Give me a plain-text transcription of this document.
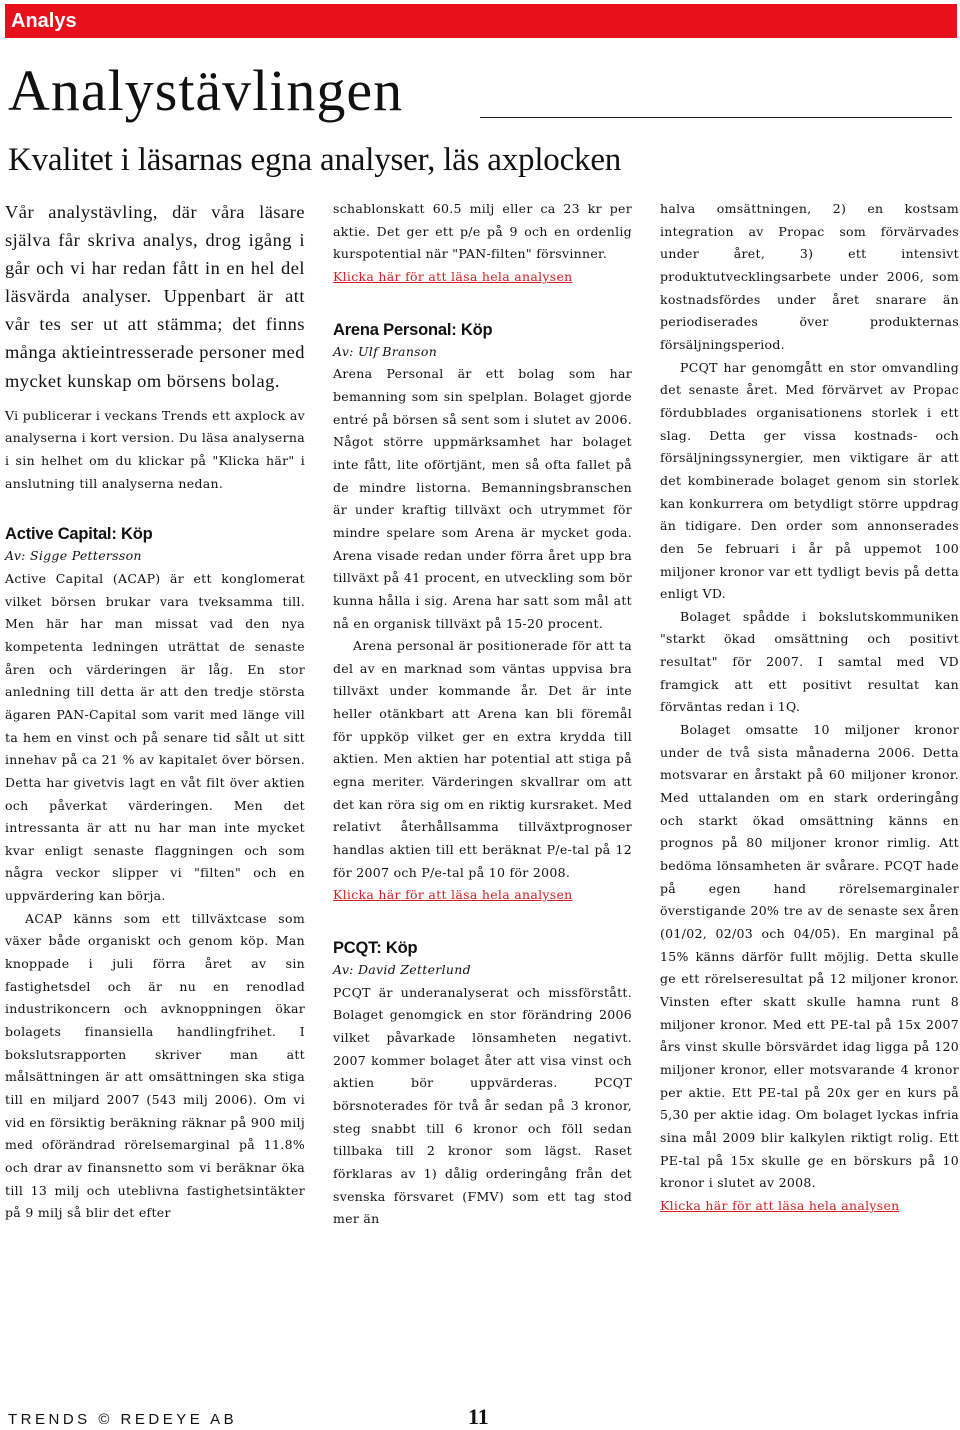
Analys
Analystävlingen
Kvalitet i läsarnas egna analyser, läs axplocken

Vår analystävling, där våra läsare själva får skriva analys, drog igång i går och vi har redan fått in en hel del läsvärda analyser. Uppenbart är att vår tes ser ut att stämma; det finns många aktieintresserade personer med mycket kunskap om börsens bolag.

Vi publicerar i veckans Trends ett axplock av analyserna i kort version. Du läsa analyserna i sin helhet om du klickar på "Klicka här" i anslutning till analyserna nedan.

Active Capital: Köp
Av: Sigge Pettersson

Active Capital (ACAP) är ett konglomerat vilket börsen brukar vara tveksamma till. Men här har man missat vad den nya kompetenta ledningen uträttat de senaste åren och värderingen är låg. En stor anledning till detta är att den tredje största ägaren PAN-Capital som varit med länge vill ta hem en vinst och på senare tid sålt ut sitt innehav på ca 21 % av kapitalet över börsen. Detta har givetvis lagt en våt filt över aktien och påverkat värderingen. Men det intressanta är att nu har man inte mycket kvar enligt senaste flaggningen och som några veckor slipper vi "filten" och en uppvärdering kan börja.

ACAP känns som ett tillväxtcase som växer både organiskt och genom köp. Man knoppade i juli förra året av sin fastighetsdel och är nu en renodlad industrikoncern och avknoppningen ökar bolagets finansiella handlingfrihet. I bokslutsrapporten skriver man att målsättningen är att omsättningen ska stiga till en miljard 2007 (543 milj 2006). Om vi vid en försiktig beräkning räknar på 900 milj med oförändrad rörelsemarginal på 11.8% och drar av finansnetto som vi beräknar öka till 13 milj och uteblivna fastighetsintäkter på 9 milj så blir det efter

schablonskatt 60.5 milj eller ca 23 kr per aktie. Det ger ett p/e på 9 och en ordenlig kurspotential när "PAN-filten" försvinner.

Klicka här för att läsa hela analysen
Arena Personal: Köp
Av: Ulf Branson

Arena Personal är ett bolag som har bemanning som sin spelplan. Bolaget gjorde entré på börsen så sent som i slutet av 2006. Något större uppmärksamhet har bolaget inte fått, lite oförtjänt, men så ofta fallet på de mindre listorna. Bemanningsbranschen är under kraftig tillväxt och utrymmet för mindre spelare som Arena är mycket goda. Arena visade redan under förra året upp bra tillväxt på 41 procent, en utveckling som bör kunna hålla i sig. Arena har satt som mål att nå en organisk tillväxt på 15-20 procent.

Arena personal är positionerade för att ta del av en marknad som väntas uppvisa bra tillväxt under kommande år. Det är inte heller otänkbart att Arena kan bli föremål för uppköp vilket ger en extra krydda till aktien. Men aktien har potential att stiga på egna meriter. Värderingen skvallrar om att det kan röra sig om en riktig kursraket. Med relativt återhållsamma tillväxtprognoser handlas aktien till ett beräknat P/e-tal på 12 för 2007 och P/e-tal på 10 för 2008.

Klicka här för att läsa hela analysen
PCQT: Köp
Av: David Zetterlund

PCQT är underanalyserat och missförstått. Bolaget genomgick en stor förändring 2006 vilket påvarkade lönsamheten negativt. 2007 kommer bolaget åter att visa vinst och aktien bör uppvärderas. PCQT börsnoterades för två år sedan på 3 kronor, steg snabbt till 6 kronor och föll sedan tillbaka till 2 kronor som lägst. Raset förklaras av 1) dålig orderingång från det svenska försvaret (FMV) som ett tag stod mer än

halva omsättningen, 2) en kostsam integration av Propac som förvärvades under året, 3) ett intensivt produktutvecklingsarbete under 2006, som kostnadsfördes under året snarare än periodiserades över produkternas försäljningsperiod.

PCQT har genomgått en stor omvandling det senaste året. Med förvärvet av Propac fördubblades organisationens storlek i ett slag. Detta ger vissa kostnads- och försäljningssynergier, men viktigare är att det kombinerade bolaget genom sin storlek kan konkurrera om betydligt större uppdrag än tidigare. Den order som annonserades den 5e februari i år på uppemot 100 miljoner kronor var ett tydligt bevis på detta enligt VD.

Bolaget spådde i bokslutskommuniken "starkt ökad omsättning och positivt resultat" för 2007. I samtal med VD framgick att ett positivt resultat kan förväntas redan i 1Q.

Bolaget omsatte 10 miljoner kronor under de två sista månaderna 2006. Detta motsvarar en årstakt på 60 miljoner kronor. Med uttalanden om en stark orderingång och starkt ökad omsättning känns en prognos på 80 miljoner kronor rimlig. Att bedöma lönsamheten är svårare. PCQT hade på egen hand rörelsemarginaler överstigande 20% tre av de senaste sex åren (01/02, 02/03 och 04/05). En marginal på 15% känns därför fullt möjlig. Detta skulle ge ett rörelseresultat på 12 miljoner kronor. Vinsten efter skatt skulle hamna runt 8 miljoner kronor. Med ett PE-tal på 15x 2007 års vinst skulle börsvärdet idag ligga på 120 miljoner kronor, eller motsvarande 4 kronor per aktie. Ett PE-tal på 20x ger en kurs på 5,30 per aktie idag. Om bolaget lyckas infria sina mål 2009 blir kalkylen riktigt rolig. Ett PE-tal på 15x skulle ge en börskurs på 10 kronor i slutet av 2008.

Klicka här för att läsa hela analysen
TRENDS © REDEYE AB	11
